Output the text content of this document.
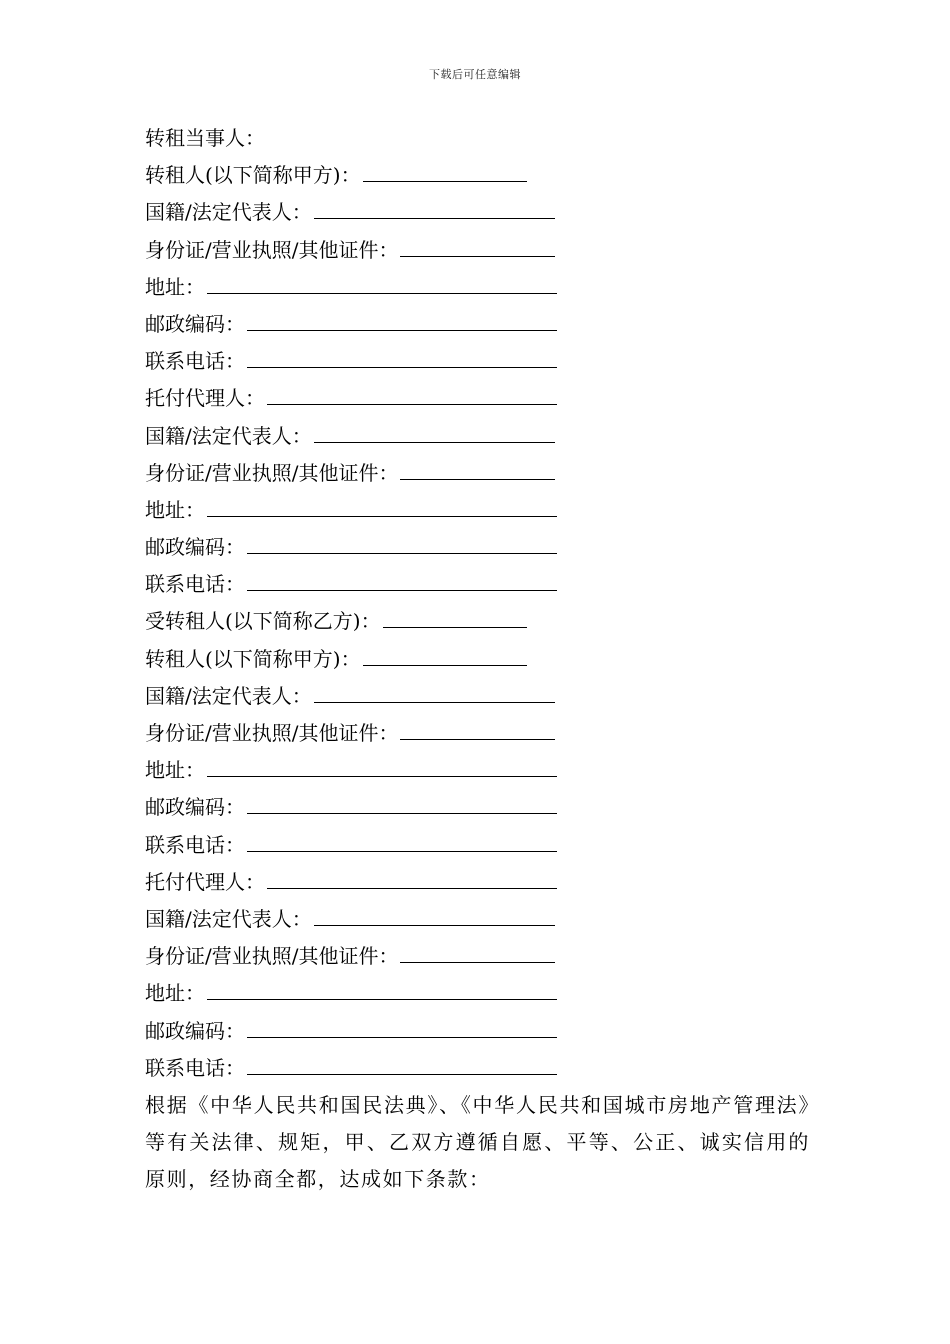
下载后可任意编辑
转租当事人：
转租人(以下简称甲方)：
国籍/法定代表人：
身份证/营业执照/其他证件：
地址：
邮政编码：
联系电话：
托付代理人：
国籍/法定代表人：
身份证/营业执照/其他证件：
地址：
邮政编码：
联系电话：
受转租人(以下简称乙方)：
转租人(以下简称甲方)：
国籍/法定代表人：
身份证/营业执照/其他证件：
地址：
邮政编码：
联系电话：
托付代理人：
国籍/法定代表人：
身份证/营业执照/其他证件：
地址：
邮政编码：
联系电话：
根据《中华人民共和国民法典》、《中华人民共和国城市房地产管理法》等有关法律、规矩，甲、乙双方遵循自愿、平等、公正、诚实信用的原则，经协商全都，达成如下条款：
